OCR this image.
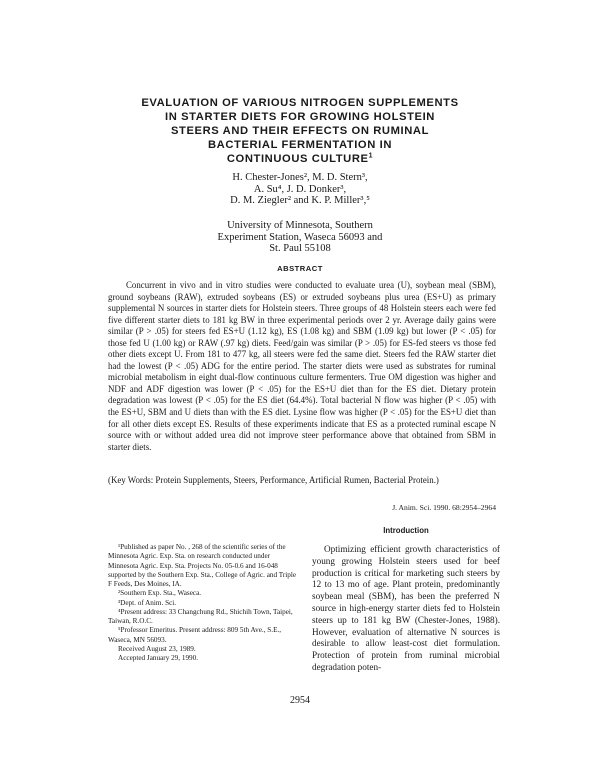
EVALUATION OF VARIOUS NITROGEN SUPPLEMENTS
IN STARTER DIETS FOR GROWING HOLSTEIN
STEERS AND THEIR EFFECTS ON RUMINAL
BACTERIAL FERMENTATION IN
CONTINUOUS CULTURE$^1$
H. Chester-Jones², M. D. Stern³,
A. Su⁴, J. D. Donker³,
D. M. Ziegler² and K. P. Miller³,⁵
University of Minnesota, Southern
Experiment Station, Waseca 56093 and
St. Paul 55108
ABSTRACT

Concurrent in vivo and in vitro studies were conducted to evaluate urea (U), soybean meal (SBM), ground soybeans (RAW), extruded soybeans (ES) or extruded soybeans plus urea (ES+U) as primary supplemental N sources in starter diets for Holstein steers. Three groups of 48 Holstein steers each were fed five different starter diets to 181 kg BW in three experimental periods over 2 yr. Average daily gains were similar (P > .05) for steers fed ES+U (1.12 kg), ES (1.08 kg) and SBM (1.09 kg) but lower (P < .05) for those fed U (1.00 kg) or RAW (.97 kg) diets. Feed/gain was similar (P > .05) for ES-fed steers vs those fed other diets except U. From 181 to 477 kg, all steers were fed the same diet. Steers fed the RAW starter diet had the lowest (P < .05) ADG for the entire period. The starter diets were used as substrates for ruminal microbial metabolism in eight dual-flow continuous culture fermenters. True OM digestion was higher and NDF and ADF digestion was lower (P < .05) for the ES+U diet than for the ES diet. Dietary protein degradation was lowest (P < .05) for the ES diet (64.4%). Total bacterial N flow was higher (P < .05) with the ES+U, SBM and U diets than with the ES diet. Lysine flow was higher (P < .05) for the ES+U diet than for all other diets except ES. Results of these experiments indicate that ES as a protected ruminal escape N source with or without added urea did not improve steer performance above that obtained from SBM in starter diets.

(Key Words: Protein Supplements, Steers, Performance, Artificial Rumen, Bacterial Protein.)

J. Anim. Sci. 1990. 68:2954–2964
¹Published as paper No. , 268 of the scientific series of the Minnesota Agric. Exp. Sta. on research conducted under Minnesota Agric. Exp. Sta. Projects No. 05-0.6 and 16-048 supported by the Southern Exp. Sta., College of Agric. and Triple F Feeds, Des Moines, IA.
²Southern Exp. Sta., Waseca.
³Dept. of Anim. Sci.
⁴Present address: 33 Changchung Rd., Shichih Town, Taipei, Taiwan, R.O.C.
⁵Professor Emeritus. Present address: 809 5th Ave., S.E., Waseca, MN 56093.
Received August 23, 1989.
Accepted January 29, 1990.
Introduction

Optimizing efficient growth characteristics of young growing Holstein steers used for beef production is critical for marketing such steers by 12 to 13 mo of age. Plant protein, predominantly soybean meal (SBM), has been the preferred N source in high-energy starter diets fed to Holstein steers up to 181 kg BW (Chester-Jones, 1988). However, evaluation of alternative N sources is desirable to allow least-cost diet formulation. Protection of protein from ruminal microbial degradation poten-

2954
